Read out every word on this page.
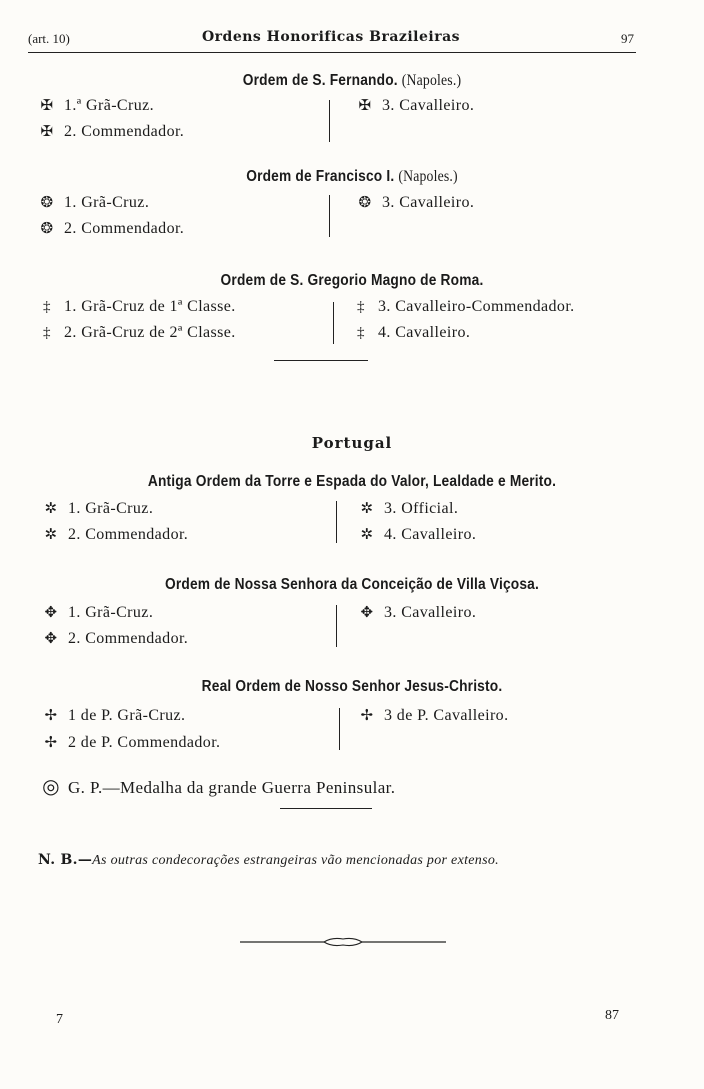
(art. 10)	Ordens Honorificas Brazileiras	97
Ordem de S. Fernando. (Napoles.)
✠ 1.ª Grã-Cruz.
✠ 2. Commendador.
✠ 3. Cavalleiro.
Ordem de Francisco I. (Napoles.)
❂ 1. Grã-Cruz.
❂ 2. Commendador.
❂ 3. Cavalleiro.
Ordem de S. Gregorio Magno de Roma.
‡ 1. Grã-Cruz de 1ª Classe.
‡ 2. Grã-Cruz de 2ª Classe.
‡ 3. Cavalleiro-Commendador.
‡ 4. Cavalleiro.
Portugal
Antiga Ordem da Torre e Espada do Valor, Lealdade e Merito.
✲ 1. Grã-Cruz.
✲ 2. Commendador.
✲ 3. Official.
✲ 4. Cavalleiro.
Ordem de Nossa Senhora da Conceição de Villa Viçosa.
✥ 1. Grã-Cruz.
✥ 2. Commendador.
✥ 3. Cavalleiro.
Real Ordem de Nosso Senhor Jesus-Christo.
✢ 1 de P. Grã-Cruz.
✢ 2 de P. Commendador.
✢ 3 de P. Cavalleiro.
◎ G. P.—Medalha da grande Guerra Peninsular.
N. B.—As outras condecorações estrangeiras vão mencionadas por extenso.
7	87
